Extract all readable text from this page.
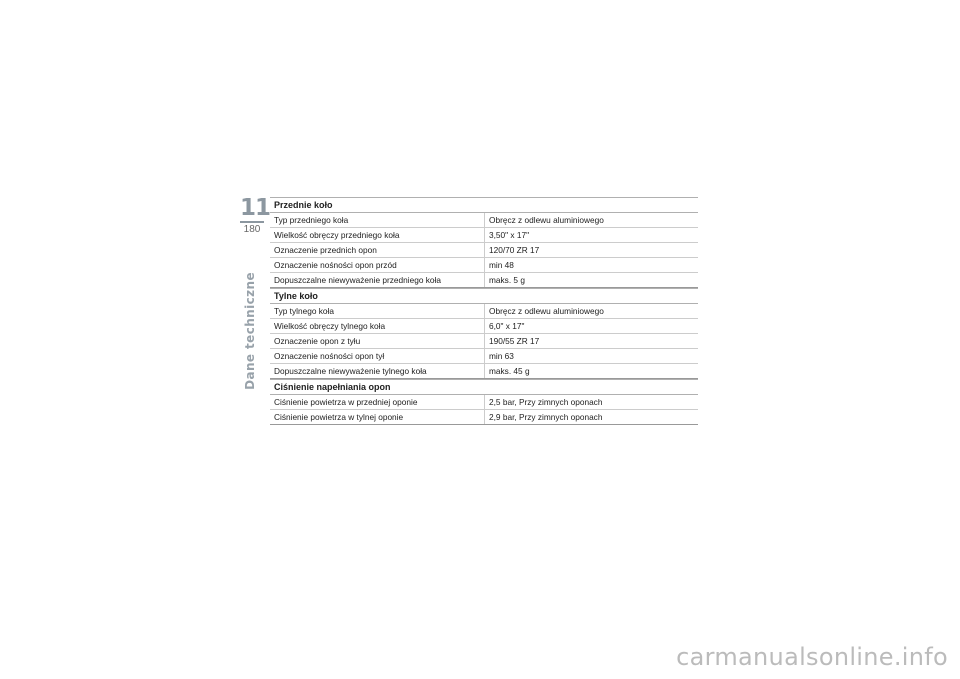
11
180
Dane techniczne
Przednie koło
Typ przedniego koła	Obręcz z odlewu aluminiowego
Wielkość obręczy przedniego koła	3,50" x 17"
Oznaczenie przednich opon	120/70 ZR 17
Oznaczenie nośności opon przód	min 48
Dopuszczalne niewyważenie przedniego koła	maks. 5 g
Tylne koło
Typ tylnego koła	Obręcz z odlewu aluminiowego
Wielkość obręczy tylnego koła	6,0" x 17"
Oznaczenie opon z tyłu	190/55 ZR 17
Oznaczenie nośności opon tył	min 63
Dopuszczalne niewyważenie tylnego koła	maks. 45 g
Ciśnienie napełniania opon
Ciśnienie powietrza w przedniej oponie	2,5 bar, Przy zimnych oponach
Ciśnienie powietrza w tylnej oponie	2,9 bar, Przy zimnych oponach
carmanualsonline.info
